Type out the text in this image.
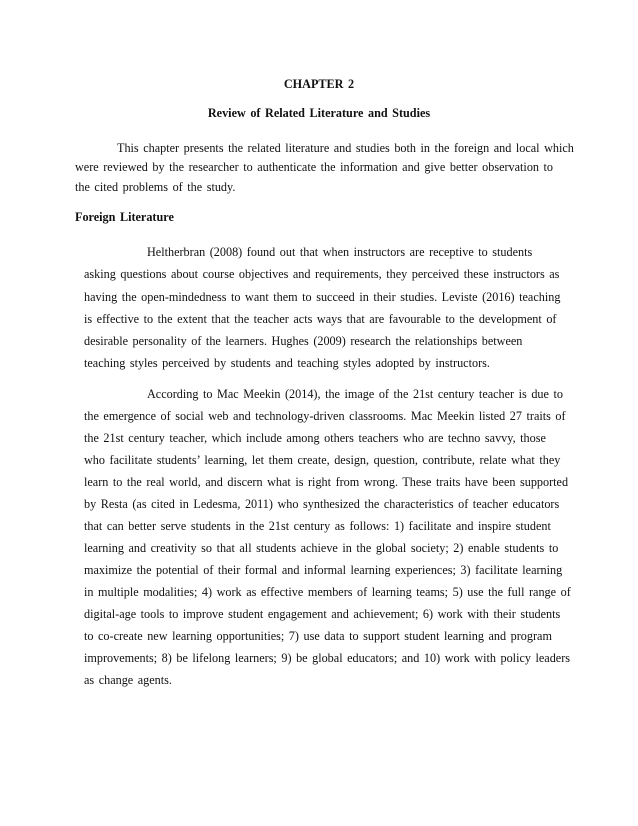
CHAPTER 2
Review of Related Literature and Studies
This chapter presents the related literature and studies both in the foreign and local which
were reviewed by the researcher to authenticate the information and give better observation to
the cited problems of the study.
Foreign Literature
Heltherbran (2008) found out that when instructors are receptive to students
asking questions about course objectives and requirements, they perceived these instructors as
having the open-mindedness to want them to succeed in their studies. Leviste (2016) teaching
is effective to the extent that the teacher acts ways that are favourable to the development of
desirable personality of the learners. Hughes (2009) research the relationships between
teaching styles perceived by students and teaching styles adopted by instructors.
According to Mac Meekin (2014), the image of the 21st century teacher is due to
the emergence of social web and technology-driven classrooms. Mac Meekin listed 27 traits of
the 21st century teacher, which include among others teachers who are techno savvy, those
who facilitate students’ learning, let them create, design, question, contribute, relate what they
learn to the real world, and discern what is right from wrong. These traits have been supported
by Resta (as cited in Ledesma, 2011) who synthesized the characteristics of teacher educators
that can better serve students in the 21st century as follows: 1) facilitate and inspire student
learning and creativity so that all students achieve in the global society; 2) enable students to
maximize the potential of their formal and informal learning experiences; 3) facilitate learning
in multiple modalities; 4) work as effective members of learning teams; 5) use the full range of
digital-age tools to improve student engagement and achievement; 6) work with their students
to co-create new learning opportunities; 7) use data to support student learning and program
improvements; 8) be lifelong learners; 9) be global educators; and 10) work with policy leaders
as change agents.
